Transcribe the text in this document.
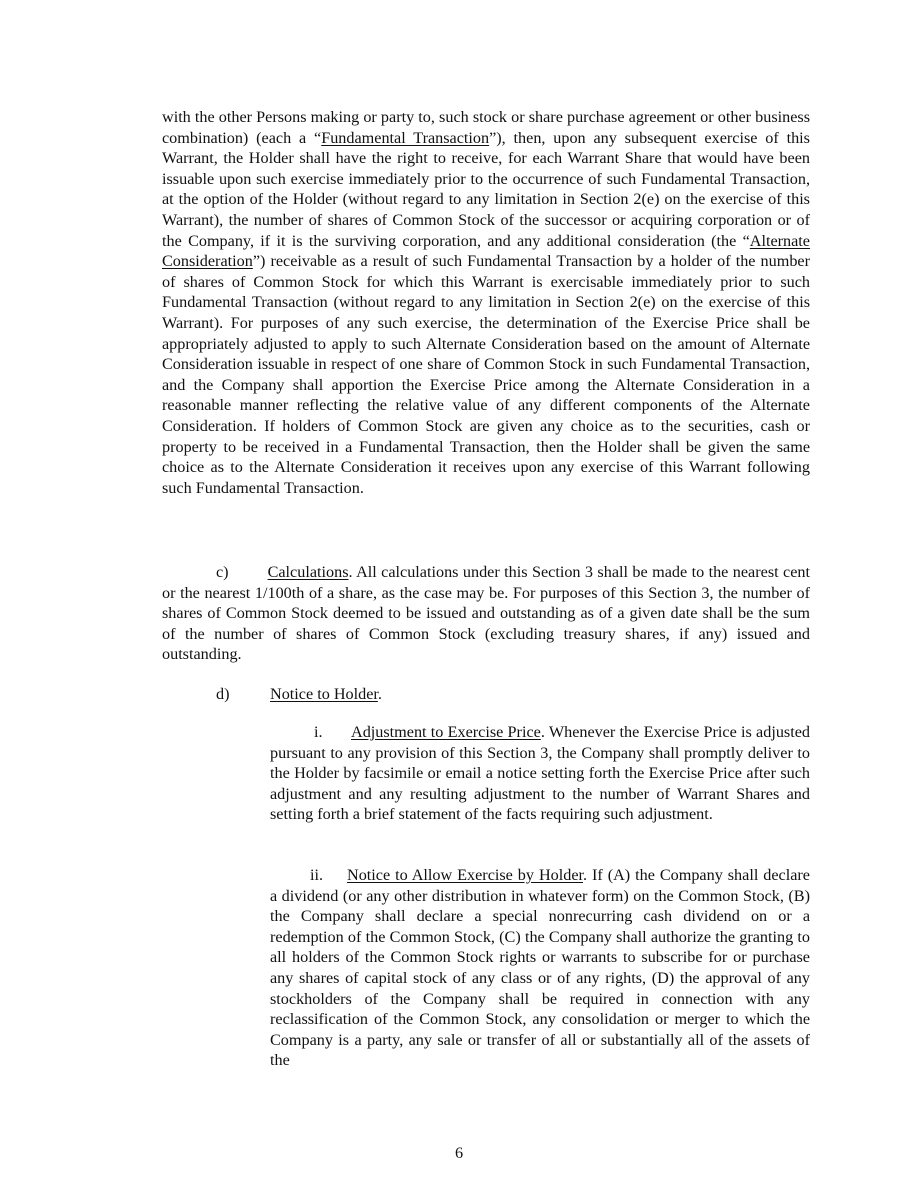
with the other Persons making or party to, such stock or share purchase agreement or other business combination) (each a “Fundamental Transaction”), then, upon any subsequent exercise of this Warrant, the Holder shall have the right to receive, for each Warrant Share that would have been issuable upon such exercise immediately prior to the occurrence of such Fundamental Transaction, at the option of the Holder (without regard to any limitation in Section 2(e) on the exercise of this Warrant), the number of shares of Common Stock of the successor or acquiring corporation or of the Company, if it is the surviving corporation, and any additional consideration (the “Alternate Consideration”) receivable as a result of such Fundamental Transaction by a holder of the number of shares of Common Stock for which this Warrant is exercisable immediately prior to such Fundamental Transaction (without regard to any limitation in Section 2(e) on the exercise of this Warrant). For purposes of any such exercise, the determination of the Exercise Price shall be appropriately adjusted to apply to such Alternate Consideration based on the amount of Alternate Consideration issuable in respect of one share of Common Stock in such Fundamental Transaction, and the Company shall apportion the Exercise Price among the Alternate Consideration in a reasonable manner reflecting the relative value of any different components of the Alternate Consideration. If holders of Common Stock are given any choice as to the securities, cash or property to be received in a Fundamental Transaction, then the Holder shall be given the same choice as to the Alternate Consideration it receives upon any exercise of this Warrant following such Fundamental Transaction.

c) Calculations. All calculations under this Section 3 shall be made to the nearest cent or the nearest 1/100th of a share, as the case may be. For purposes of this Section 3, the number of shares of Common Stock deemed to be issued and outstanding as of a given date shall be the sum of the number of shares of Common Stock (excluding treasury shares, if any) issued and outstanding.

d)	Notice to Holder.

i. Adjustment to Exercise Price. Whenever the Exercise Price is adjusted pursuant to any provision of this Section 3, the Company shall promptly deliver to the Holder by facsimile or email a notice setting forth the Exercise Price after such adjustment and any resulting adjustment to the number of Warrant Shares and setting forth a brief statement of the facts requiring such adjustment.

ii. Notice to Allow Exercise by Holder. If (A) the Company shall declare a dividend (or any other distribution in whatever form) on the Common Stock, (B) the Company shall declare a special nonrecurring cash dividend on or a redemption of the Common Stock, (C) the Company shall authorize the granting to all holders of the Common Stock rights or warrants to subscribe for or purchase any shares of capital stock of any class or of any rights, (D) the approval of any stockholders of the Company shall be required in connection with any reclassification of the Common Stock, any consolidation or merger to which the Company is a party, any sale or transfer of all or substantially all of the assets of the

6
